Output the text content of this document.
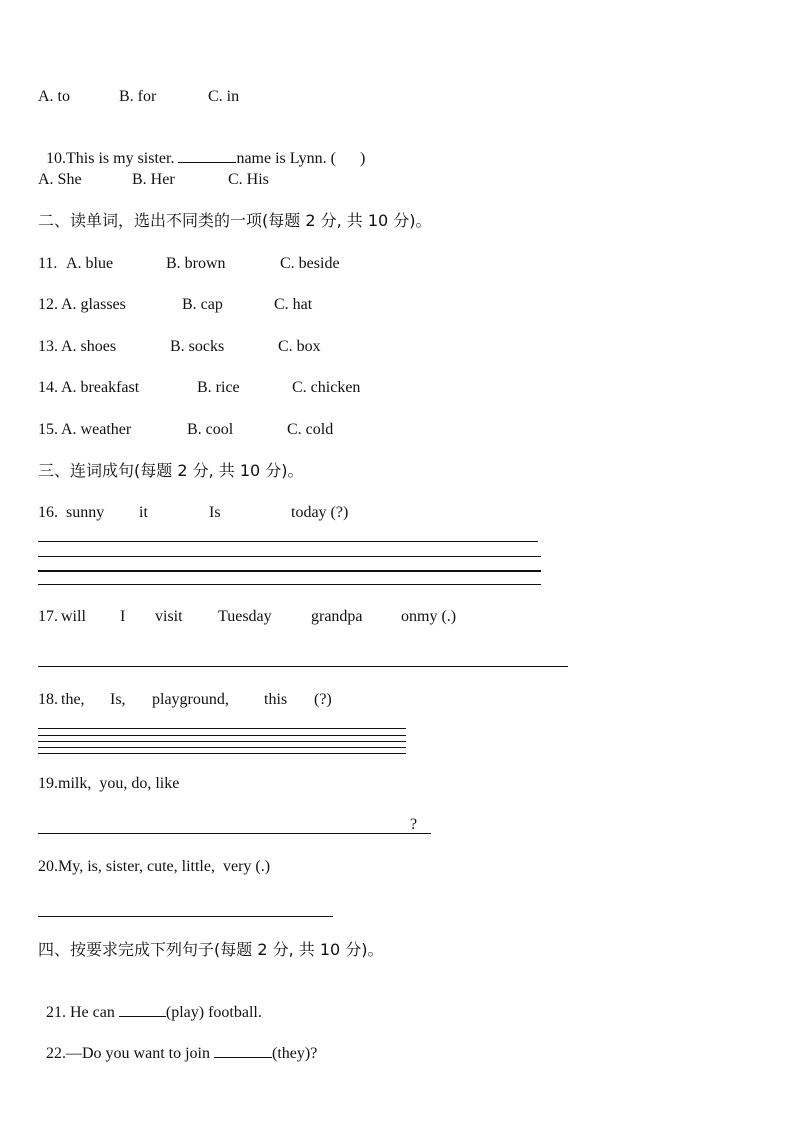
A. to

	B. for

	C. in

10.This is my sister.	name is Lynn. (      )

A. She

	B. Her

	C. His

二、读单词，选出不同类的一项(每题 2 分, 共 10 分)。

11.

A. blue

	B. brown

	C. beside

12.

A. glasses

	B. cap

	C. hat

13.

A. shoes

	B. socks

	C. box

14.

A. breakfast

	B. rice

	C. chicken

15.

A. weather

	B. cool

	C. cold

三、连词成句(每题 2 分, 共 10 分)。

16.

sunny

it

	Is

	today (?)

17.

will

I

visit

Tuesday

grandpa

onmy (.)

18.

the,

Is,

playground,

this

(?)

19.milk,  you, do, like
?
20.My, is, sister, cute, little,  very (.)
四、按要求完成下列句子(每题 2 分, 共 10 分)。

21. He can	(play) football.

22.—Do you want to join	(they)?
